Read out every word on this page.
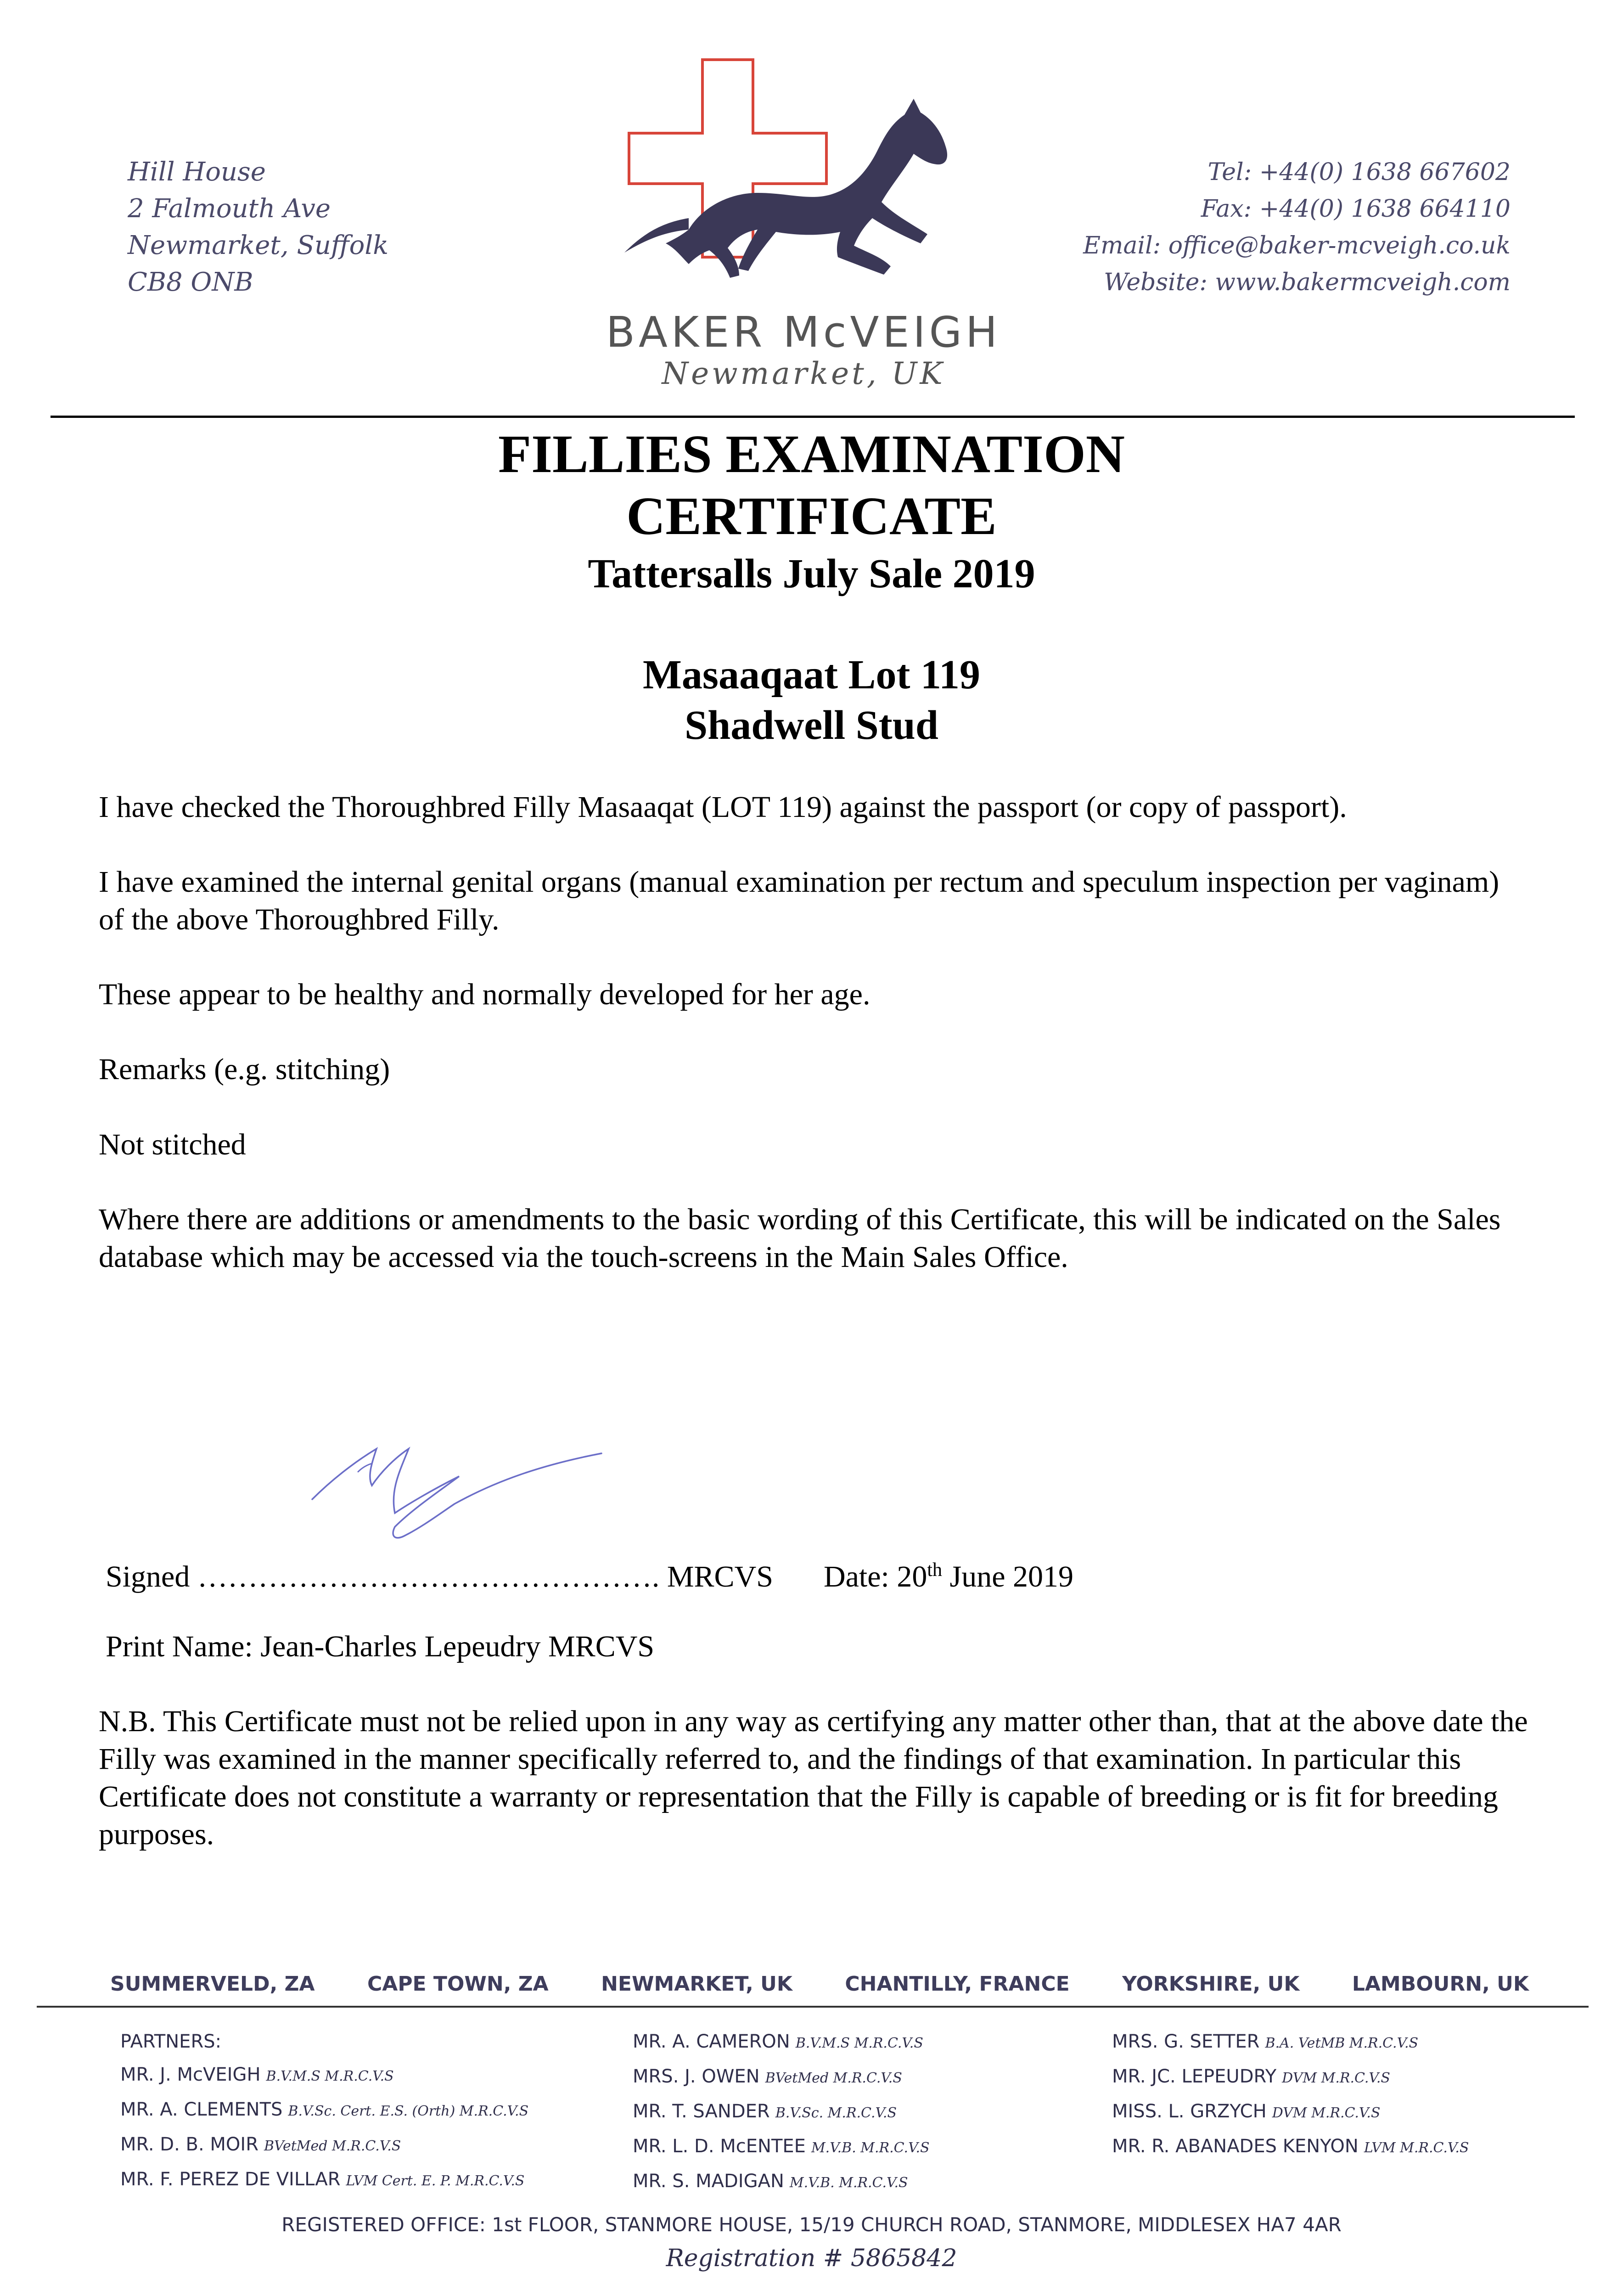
Hill House
2 Falmouth Ave
Newmarket, Suffolk
CB8 ONB
BAKER McVEIGH
Newmarket, UK
Tel: +44(0) 1638 667602
Fax: +44(0) 1638 664110
Email: office@baker-mcveigh.co.uk
Website: www.bakermcveigh.com
FILLIES EXAMINATION
CERTIFICATE
Tattersalls July Sale 2019
Masaaqaat Lot 119
Shadwell Stud
I have checked the Thoroughbred Filly Masaaqat (LOT 119) against the passport (or copy of passport).
I have examined the internal genital organs (manual examination per rectum and speculum inspection per vaginam) of the above Thoroughbred Filly.
These appear to be healthy and normally developed for her age.
Remarks (e.g. stitching)
Not stitched
Where there are additions or amendments to the basic wording of this Certificate, this will be indicated on the Sales database which may be accessed via the touch-screens in the Main Sales Office.
Signed ………………………………………. MRCVS Date: 20th June 2019
Print Name: Jean-Charles Lepeudry MRCVS
N.B. This Certificate must not be relied upon in any way as certifying any matter other than, that at the above date the Filly was examined in the manner specifically referred to, and the findings of that examination. In particular this Certificate does not constitute a warranty or representation that the Filly is capable of breeding or is fit for breeding purposes.
SUMMERVELD, ZA	CAPE TOWN, ZA	NEWMARKET, UK	CHANTILLY, FRANCE	YORKSHIRE, UK	LAMBOURN, UK
PARTNERS:
MR. J. McVEIGH B.V.M.S M.R.C.V.S
MR. A. CLEMENTS B.V.Sc. Cert. E.S. (Orth) M.R.C.V.S
MR. D. B. MOIR BVetMed M.R.C.V.S
MR. F. PEREZ DE VILLAR LVM Cert. E. P. M.R.C.V.S
MR. A. CAMERON B.V.M.S M.R.C.V.S
MRS. J. OWEN BVetMed M.R.C.V.S
MR. T. SANDER B.V.Sc. M.R.C.V.S
MR. L. D. McENTEE M.V.B. M.R.C.V.S
MR. S. MADIGAN M.V.B. M.R.C.V.S
MRS. G. SETTER B.A. VetMB M.R.C.V.S
MR. JC. LEPEUDRY DVM M.R.C.V.S
MISS. L. GRZYCH DVM M.R.C.V.S
MR. R. ABANADES KENYON LVM M.R.C.V.S
REGISTERED OFFICE: 1st FLOOR, STANMORE HOUSE, 15/19 CHURCH ROAD, STANMORE, MIDDLESEX HA7 4AR
Registration # 5865842
